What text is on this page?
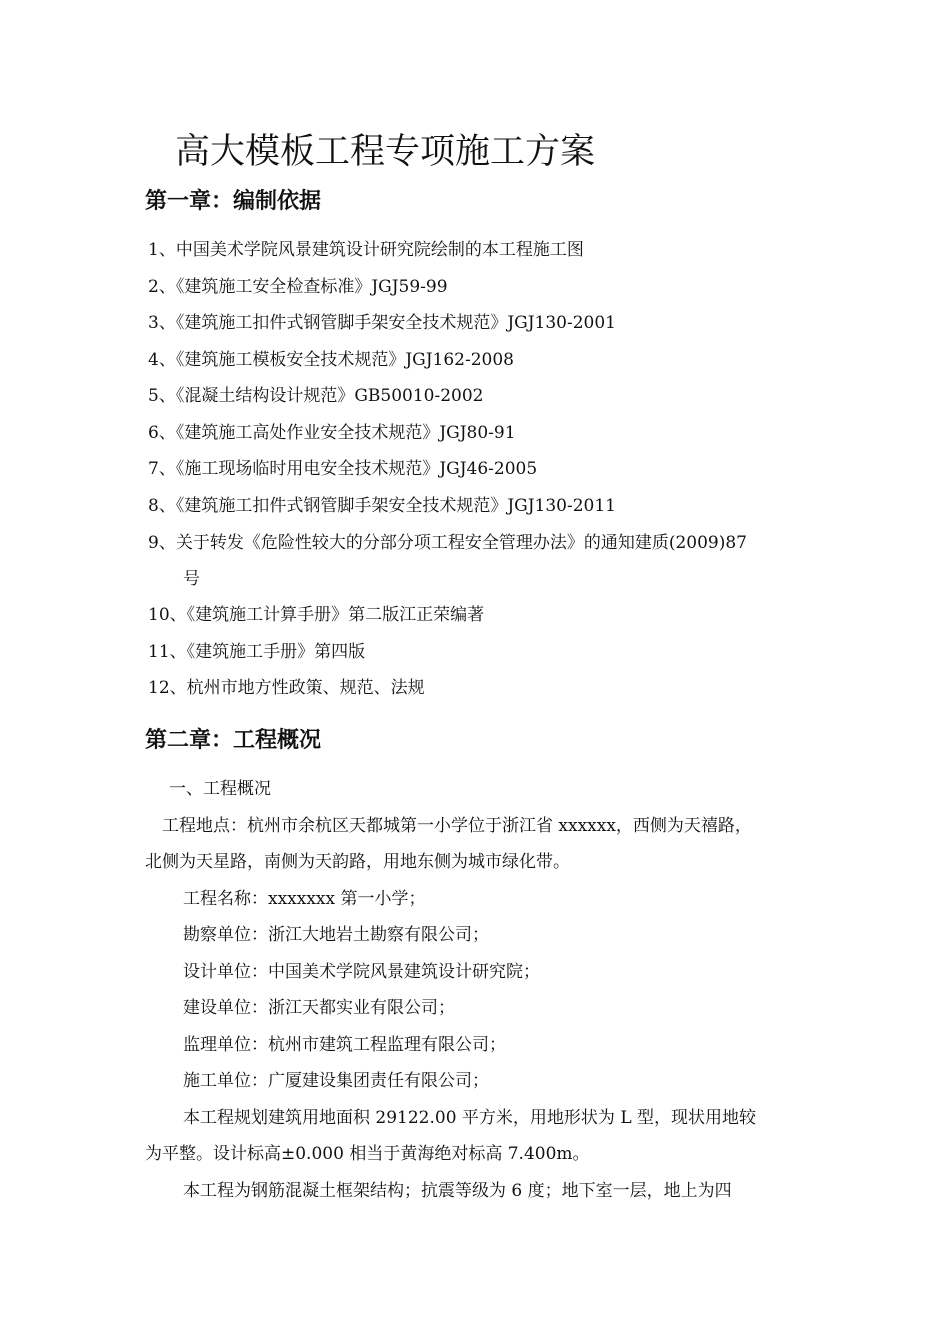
高大模板工程专项施工方案
第一章：编制依据
1、中国美术学院风景建筑设计研究院绘制的本工程施工图
2、《建筑施工安全检查标准》JGJ59-99
3、《建筑施工扣件式钢管脚手架安全技术规范》JGJ130-2001
4、《建筑施工模板安全技术规范》JGJ162-2008
5、《混凝土结构设计规范》GB50010-2002
6、《建筑施工高处作业安全技术规范》JGJ80-91
7、《施工现场临时用电安全技术规范》JGJ46-2005
8、《建筑施工扣件式钢管脚手架安全技术规范》JGJ130-2011
9、关于转发《危险性较大的分部分项工程安全管理办法》的通知建质(2009)87
号
10、《建筑施工计算手册》第二版江正荣编著
11、《建筑施工手册》第四版
12、杭州市地方性政策、规范、法规
第二章：工程概况
一、工程概况
工程地点：杭州市余杭区天都城第一小学位于浙江省 xxxxxx，西侧为天禧路，
北侧为天星路，南侧为天韵路，用地东侧为城市绿化带。
工程名称：xxxxxxx 第一小学；
勘察单位：浙江大地岩土勘察有限公司；
设计单位：中国美术学院风景建筑设计研究院；
建设单位：浙江天都实业有限公司；
监理单位：杭州市建筑工程监理有限公司；
施工单位：广厦建设集团责任有限公司；
本工程规划建筑用地面积 29122.00 平方米，用地形状为 L 型，现状用地较
为平整。设计标高±0.000 相当于黄海绝对标高 7.400m。
本工程为钢筋混凝土框架结构；抗震等级为 6 度；地下室一层，地上为四
